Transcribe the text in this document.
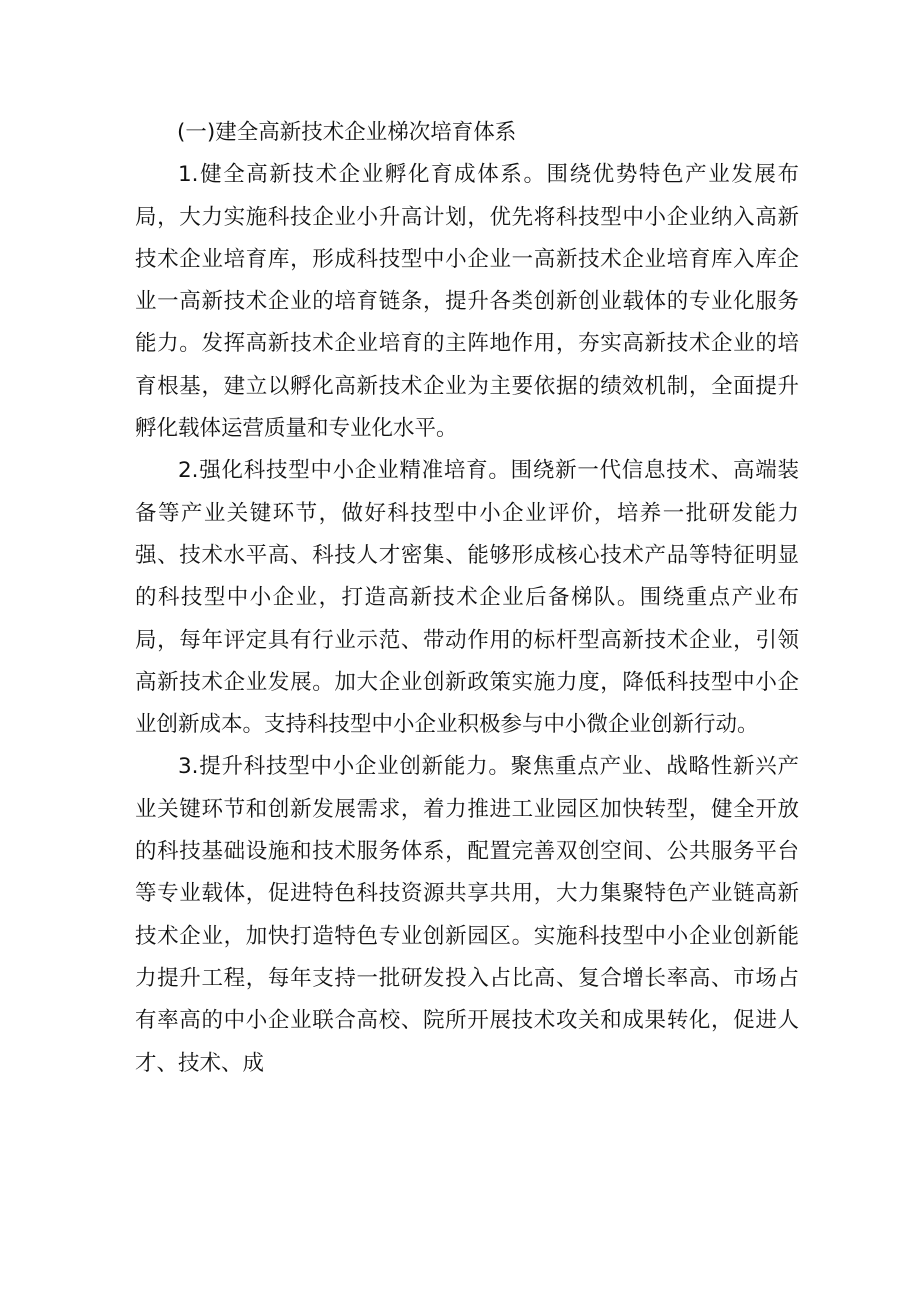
(一)建全高新技术企业梯次培育体系

1.健全高新技术企业孵化育成体系。围绕优势特色产业发展布局，大力实施科技企业小升高计划，优先将科技型中小企业纳入高新技术企业培育库，形成科技型中小企业一高新技术企业培育库入库企业一高新技术企业的培育链条，提升各类创新创业载体的专业化服务能力。发挥高新技术企业培育的主阵地作用，夯实高新技术企业的培育根基，建立以孵化高新技术企业为主要依据的绩效机制，全面提升孵化载体运营质量和专业化水平。

2.强化科技型中小企业精准培育。围绕新一代信息技术、高端装备等产业关键环节，做好科技型中小企业评价，培养一批研发能力强、技术水平高、科技人才密集、能够形成核心技术产品等特征明显的科技型中小企业，打造高新技术企业后备梯队。围绕重点产业布局，每年评定具有行业示范、带动作用的标杆型高新技术企业，引领高新技术企业发展。加大企业创新政策实施力度，降低科技型中小企业创新成本。支持科技型中小企业积极参与中小微企业创新行动。

3.提升科技型中小企业创新能力。聚焦重点产业、战略性新兴产业关键环节和创新发展需求，着力推进工业园区加快转型，健全开放的科技基础设施和技术服务体系，配置完善双创空间、公共服务平台等专业载体，促进特色科技资源共享共用，大力集聚特色产业链高新技术企业，加快打造特色专业创新园区。实施科技型中小企业创新能力提升工程，每年支持一批研发投入占比高、复合增长率高、市场占有率高的中小企业联合高校、院所开展技术攻关和成果转化，促进人才、技术、成
